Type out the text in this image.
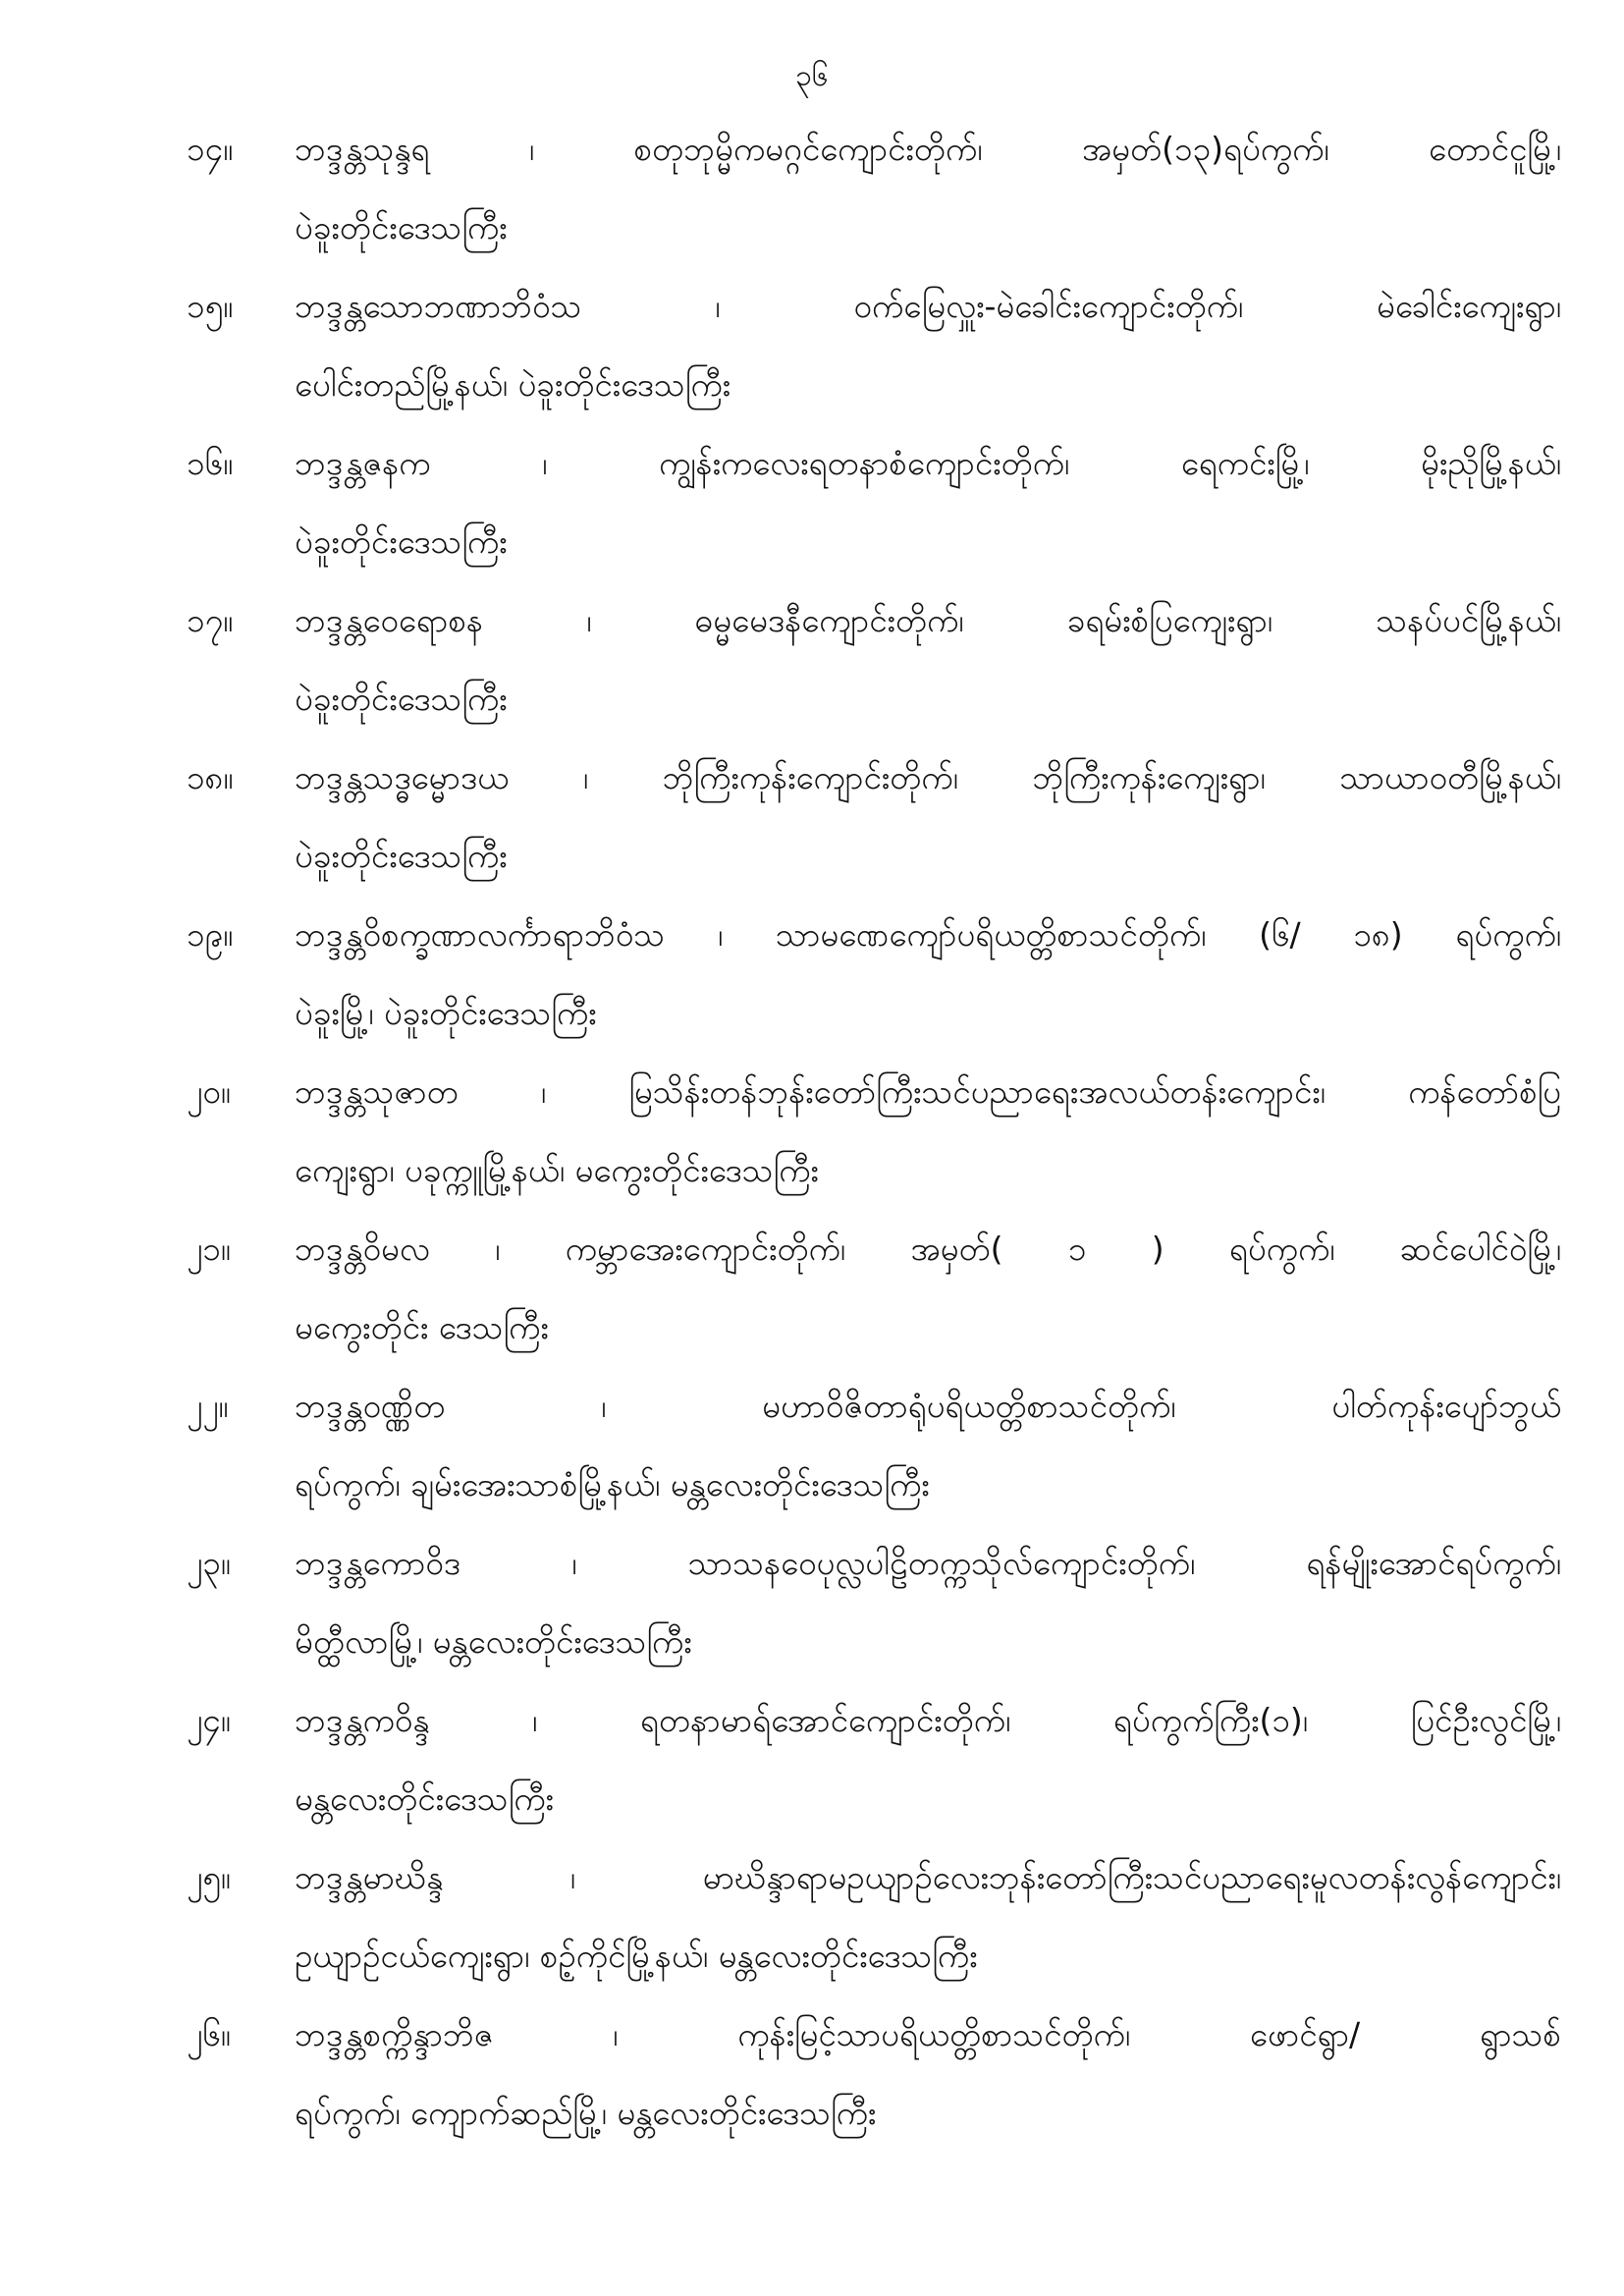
၃၆
၁၄။	ဘဒ္ဒန္တသုန္ဒရ ၊ စတုဘုမ္မိကမဂ္ဂင်ကျောင်းတိုက်၊ အမှတ်(၁၃)ရပ်ကွက်၊ တောင်ငူမြို့၊
ပဲခူးတိုင်းဒေသကြီး
၁၅။	ဘဒ္ဒန္တသောဘဏာဘိဝံသ ၊ ဝက်မြေလှူး-မဲခေါင်းကျောင်းတိုက်၊ မဲခေါင်းကျေးရွာ၊
ပေါင်းတည်မြို့နယ်၊ ပဲခူးတိုင်းဒေသကြီး
၁၆။	ဘဒ္ဒန္တဇနက ၊ ကျွန်းကလေးရတနာစံကျောင်းတိုက်၊ ရေကင်းမြို့၊ မိုးညိုမြို့နယ်၊
ပဲခူးတိုင်းဒေသကြီး
၁၇။	ဘဒ္ဒန္တဝေရောစန ၊ ဓမ္မမေဒနီကျောင်းတိုက်၊ ခရမ်းစံပြကျေးရွာ၊ သနပ်ပင်မြို့နယ်၊
ပဲခူးတိုင်းဒေသကြီး
၁၈။	ဘဒ္ဒန္တသဒ္ဓမ္မောဒယ ၊ ဘိုကြီးကုန်းကျောင်းတိုက်၊ ဘိုကြီးကုန်းကျေးရွာ၊ သာယာဝတီမြို့နယ်၊
ပဲခူးတိုင်းဒေသကြီး
၁၉။	ဘဒ္ဒန္တဝိစက္ခဏာလင်္ကာရာဘိဝံသ ၊ သာမဏေကျော်ပရိယတ္တိစာသင်တိုက်၊ (၆/ ၁၈) ရပ်ကွက်၊
ပဲခူးမြို့၊ ပဲခူးတိုင်းဒေသကြီး
၂၀။	ဘဒ္ဒန္တသုဇာတ ၊ မြသိန်းတန်ဘုန်းတော်ကြီးသင်ပညာရေးအလယ်တန်းကျောင်း၊ ကန်တော်စံပြ
ကျေးရွာ၊ ပခုက္ကူမြို့နယ်၊ မကွေးတိုင်းဒေသကြီး
၂၁။	ဘဒ္ဒန္တဝိမလ ၊ ကမ္ဘာအေးကျောင်းတိုက်၊ အမှတ်( ၁ ) ရပ်ကွက်၊ ဆင်ပေါင်ဝဲမြို့၊
မကွေးတိုင်း ဒေသကြီး
၂၂။	ဘဒ္ဒန္တဝဏ္ဏိတ ၊ မဟာဝိဇိတာရုံပရိယတ္တိစာသင်တိုက်၊ ပါတ်ကုန်းပျော်ဘွယ်
ရပ်ကွက်၊ ချမ်းအေးသာစံမြို့နယ်၊ မန္တလေးတိုင်းဒေသကြီး
၂၃။	ဘဒ္ဒန္တကောဝိဒ ၊ သာသနဝေပုလ္လပါဠိတက္ကသိုလ်ကျောင်းတိုက်၊ ရန်မျိုးအောင်ရပ်ကွက်၊
မိတ္ထီလာမြို့၊ မန္တလေးတိုင်းဒေသကြီး
၂၄။	ဘဒ္ဒန္တကဝိန္ဒ ၊ ရတနာမာရ်အောင်ကျောင်းတိုက်၊ ရပ်ကွက်ကြီး(၁)၊ ပြင်ဦးလွင်မြို့၊
မန္တလေးတိုင်းဒေသကြီး
၂၅။	ဘဒ္ဒန္တမာဃိန္ဒ ၊ မာဃိန္ဒာရာမဥယျာဉ်လေးဘုန်းတော်ကြီးသင်ပညာရေးမူလတန်းလွန်ကျောင်း၊
ဥယျာဉ်ငယ်ကျေးရွာ၊ စဉ့်ကိုင်မြို့နယ်၊ မန္တလေးတိုင်းဒေသကြီး
၂၆။	ဘဒ္ဒန္တစက္ကိန္ဒာဘိဇ ၊ ကုန်းမြင့်သာပရိယတ္တိစာသင်တိုက်၊ ဖောင်ရွာ/ ရွာသစ်
ရပ်ကွက်၊ ကျောက်ဆည်မြို့၊ မန္တလေးတိုင်းဒေသကြီး
